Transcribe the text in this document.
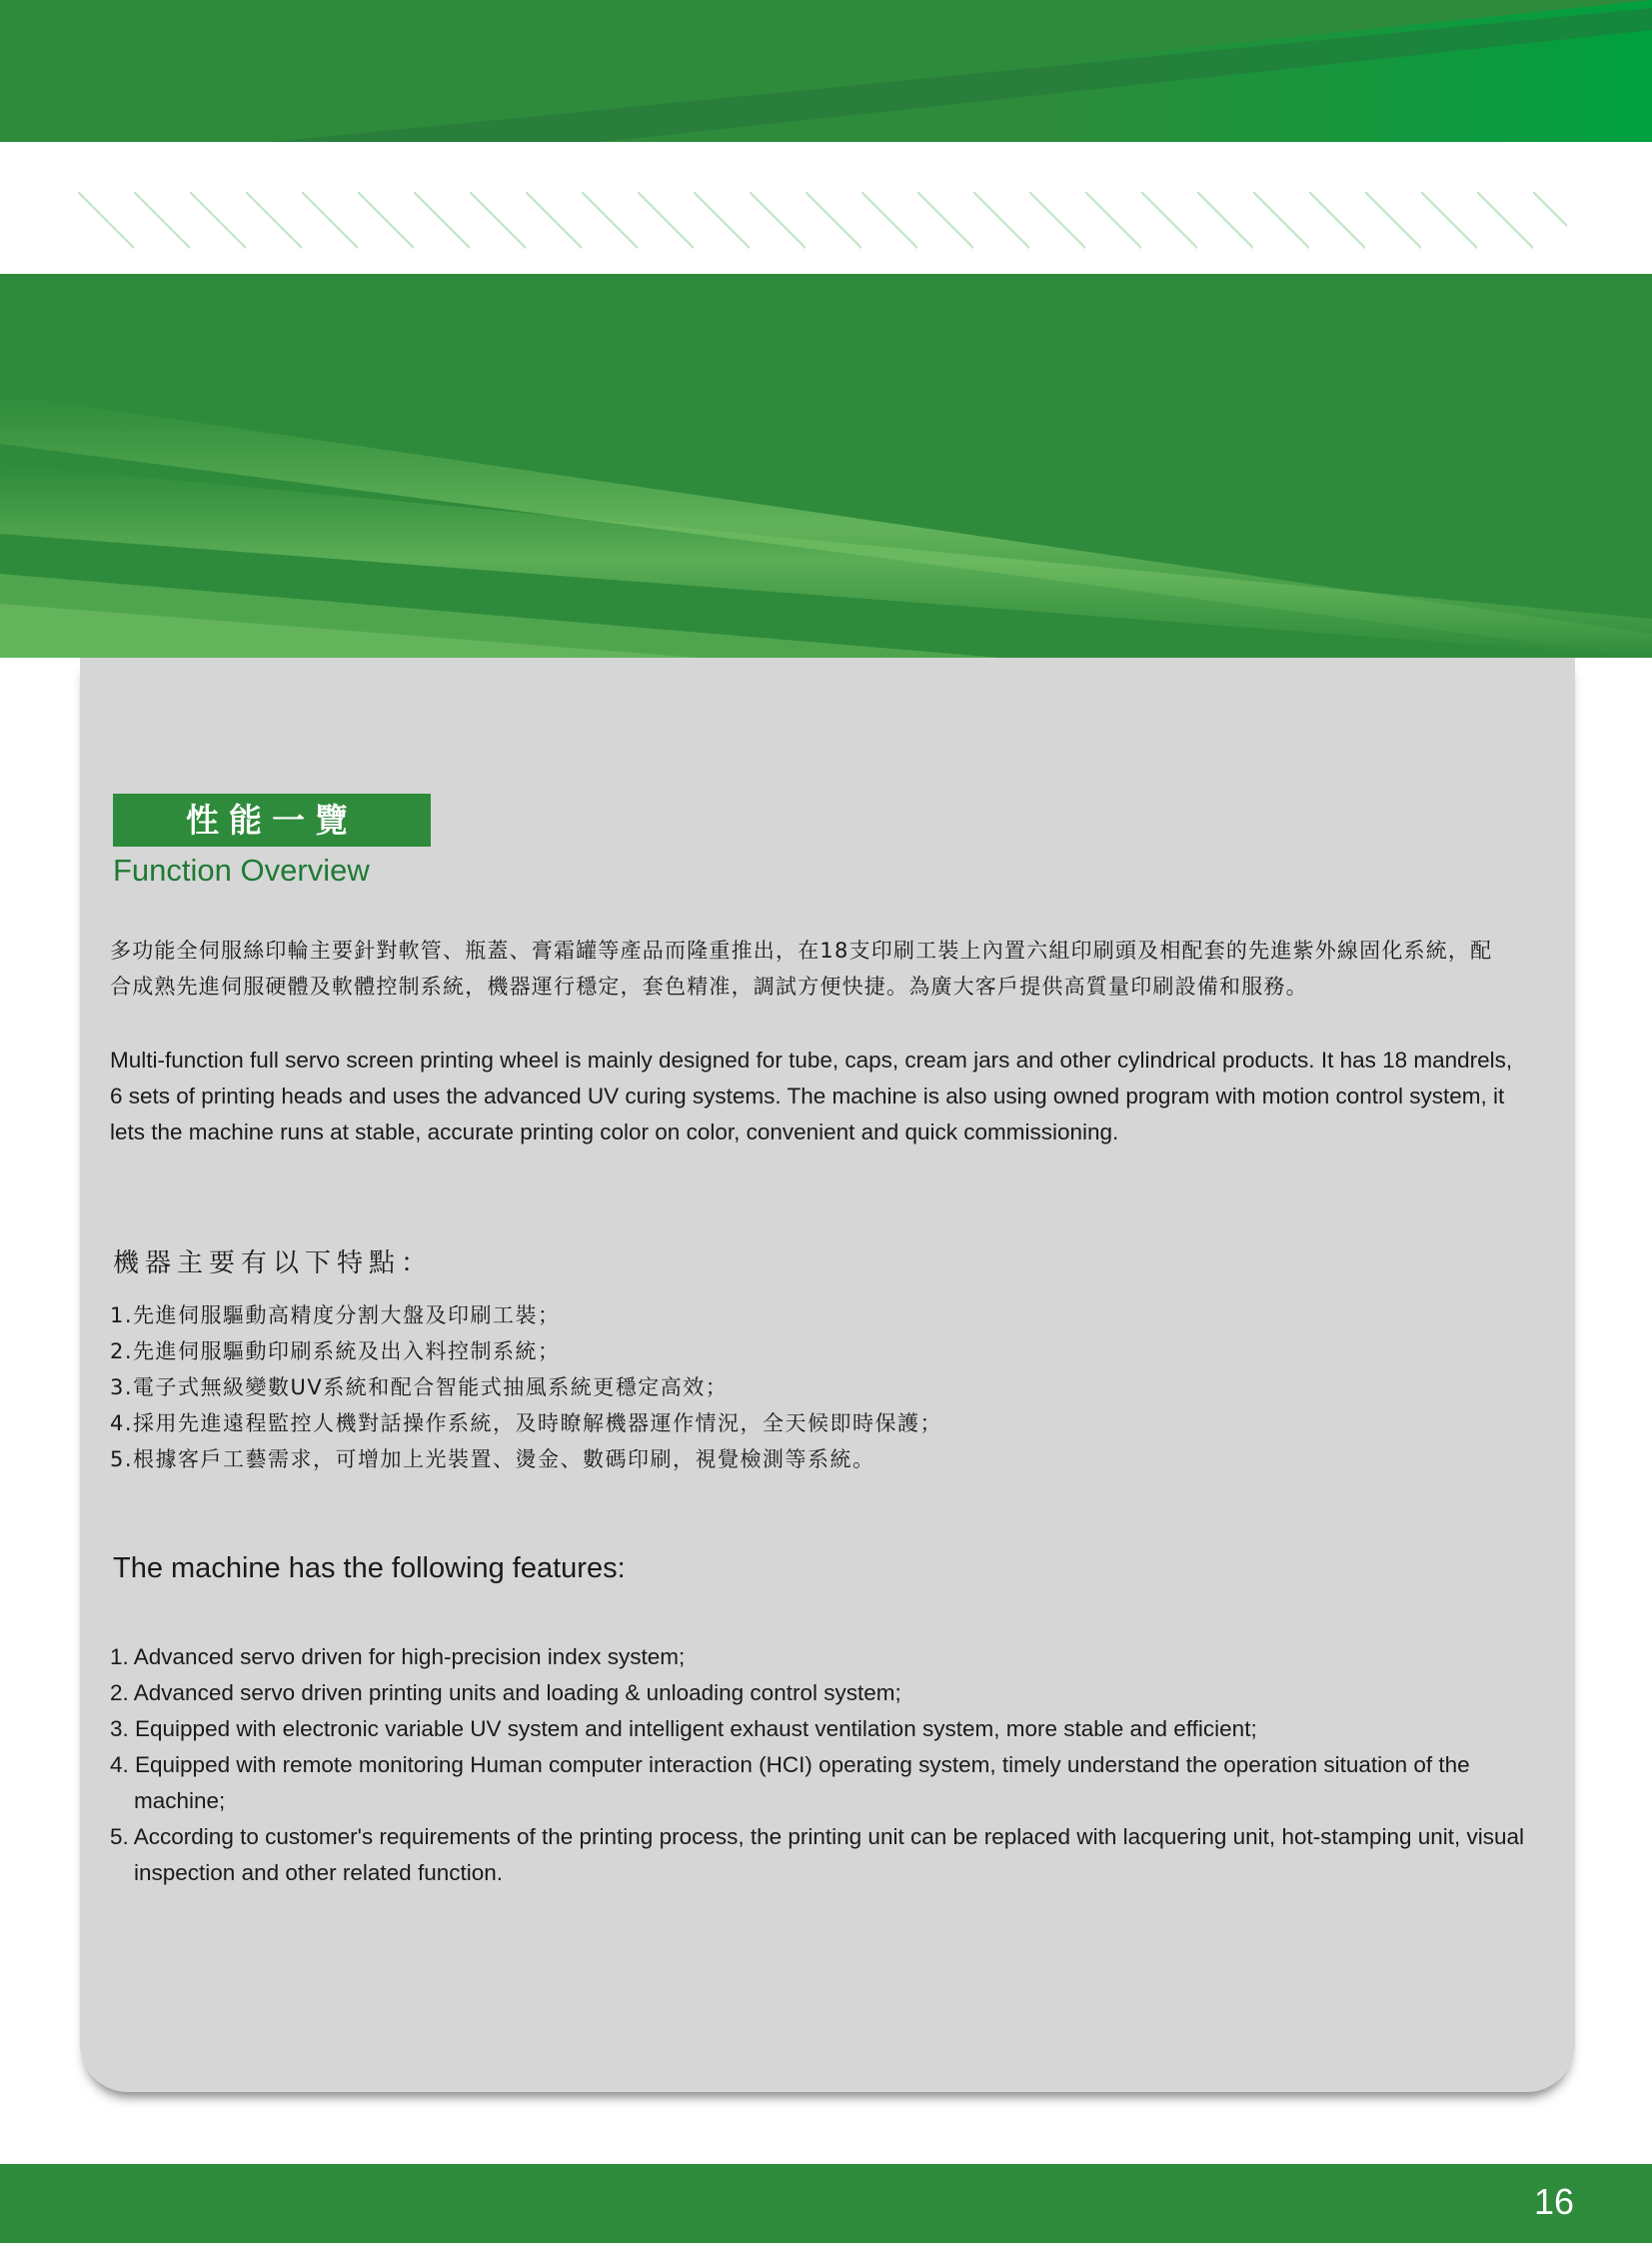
性能一覽
Function Overview

多功能全伺服絲印輪主要針對軟管、瓶蓋、膏霜罐等產品而隆重推出，在18支印刷工裝上內置六組印刷頭及相配套的先進紫外線固化系統，配合成熟先進伺服硬體及軟體控制系統，機器運行穩定，套色精准，調試方便快捷。為廣大客戶提供高質量印刷設備和服務。

Multi-function full servo screen printing wheel is mainly designed for tube, caps, cream jars and other cylindrical products. It has 18 mandrels, 6 sets of printing heads and uses the advanced UV curing systems. The machine is also using owned program with motion control system, it lets the machine runs at stable, accurate printing color on color, convenient and quick commissioning.

機器主要有以下特點：
1.先進伺服驅動高精度分割大盤及印刷工裝；
2.先進伺服驅動印刷系統及出入料控制系統；
3.電子式無級變數UV系統和配合智能式抽風系統更穩定高效；
4.採用先進遠程監控人機對話操作系統，及時瞭解機器運作情況，全天候即時保護；
5.根據客戶工藝需求，可增加上光裝置、燙金、數碼印刷，視覺檢測等系統。
The machine has the following features:
1. Advanced servo driven for high-precision index system;
2. Advanced servo driven printing units and loading & unloading control system;
3. Equipped with electronic variable UV system and intelligent exhaust ventilation system, more stable and efficient;
4. Equipped with remote monitoring Human computer interaction (HCI) operating system, timely understand the operation situation of the machine;
5. According to customer's requirements of the printing process, the printing unit can be replaced with lacquering unit, hot-stamping unit, visual inspection and other related function.
16
